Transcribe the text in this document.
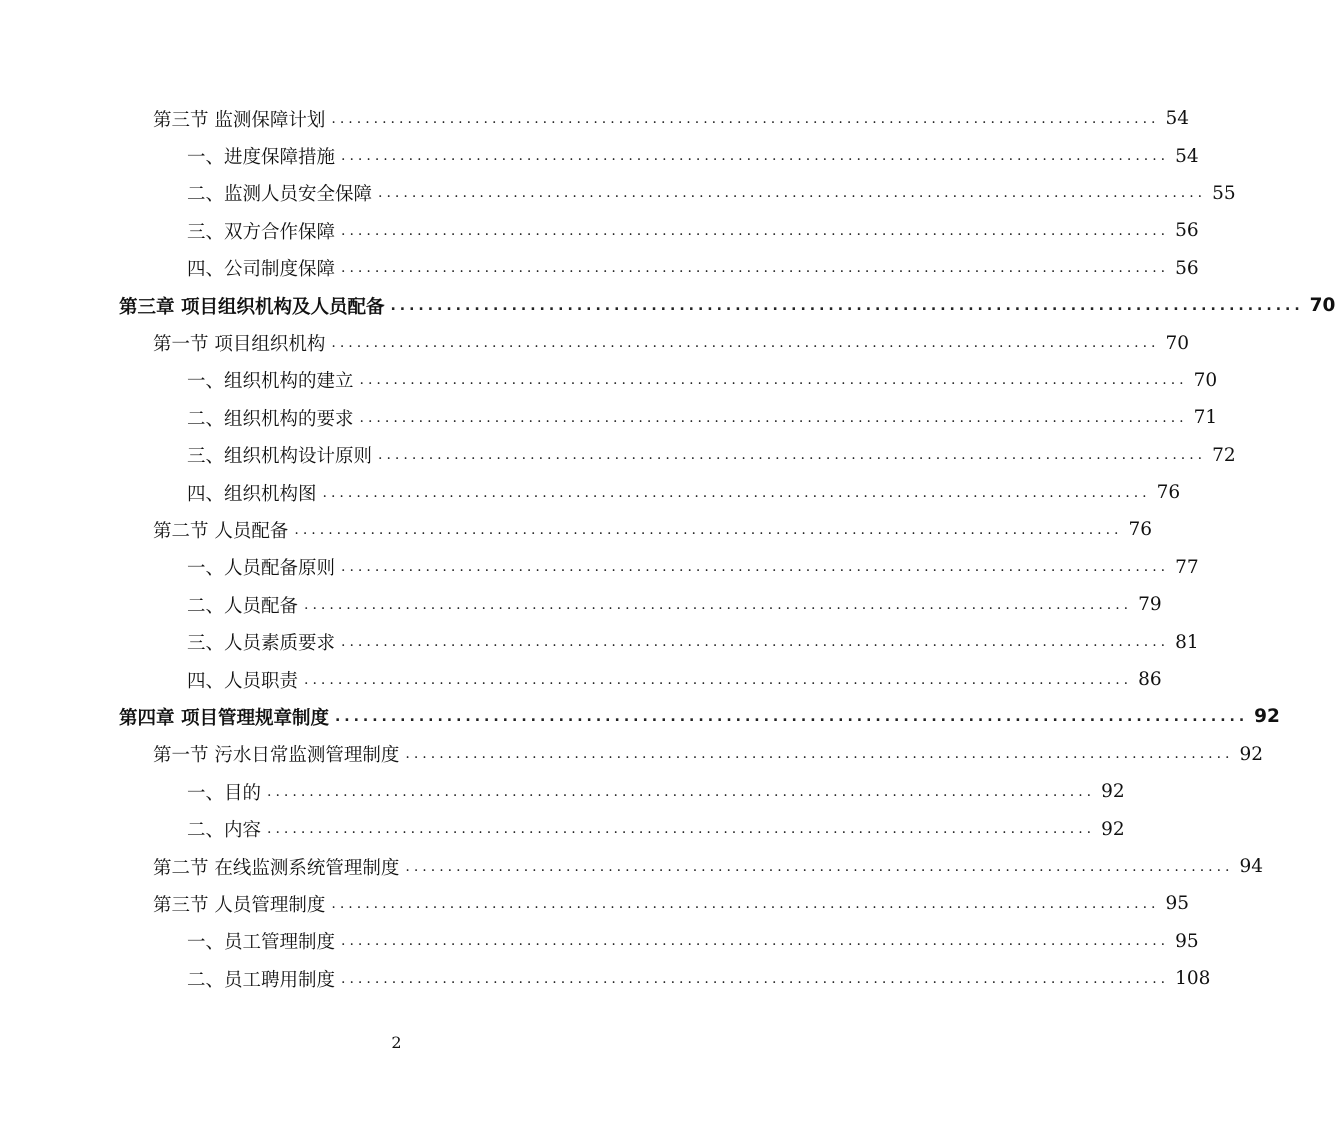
第三节 监测保障计划 .................................................................................................. 54
一、进度保障措施 .................................................................................................. 54
二、监测人员安全保障 .................................................................................................. 55
三、双方合作保障 .................................................................................................. 56
四、公司制度保障 .................................................................................................. 56
第三章 项目组织机构及人员配备 .................................................................................................. 70
第一节 项目组织机构 .................................................................................................. 70
一、组织机构的建立 .................................................................................................. 70
二、组织机构的要求 .................................................................................................. 71
三、组织机构设计原则 .................................................................................................. 72
四、组织机构图 .................................................................................................. 76
第二节 人员配备 .................................................................................................. 76
一、人员配备原则 .................................................................................................. 77
二、人员配备 .................................................................................................. 79
三、人员素质要求 .................................................................................................. 81
四、人员职责 .................................................................................................. 86
第四章 项目管理规章制度 .................................................................................................. 92
第一节 污水日常监测管理制度 .................................................................................................. 92
一、目的 .................................................................................................. 92
二、内容 .................................................................................................. 92
第二节 在线监测系统管理制度 .................................................................................................. 94
第三节 人员管理制度 .................................................................................................. 95
一、员工管理制度 .................................................................................................. 95
二、员工聘用制度 .................................................................................................. 108
2
